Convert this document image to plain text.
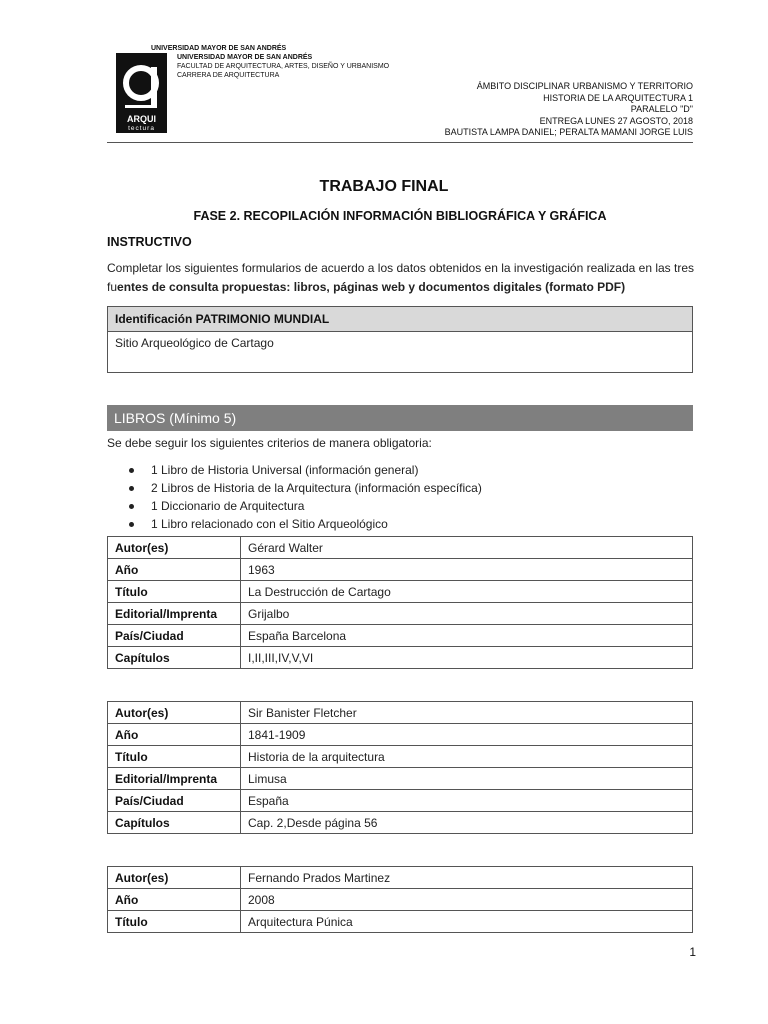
ARQUI
tectura
UNIVERSIDAD MAYOR DE SAN ANDRÉS
UNIVERSIDAD MAYOR DE SAN ANDRÉS
FACULTAD DE ARQUITECTURA, ARTES, DISEÑO Y URBANISMO
CARRERA DE ARQUITECTURA
ÁMBITO DISCIPLINAR URBANISMO Y TERRITORIO
HISTORIA DE LA ARQUITECTURA 1
PARALELO "D"
ENTREGA LUNES 27 AGOSTO, 2018
BAUTISTA LAMPA DANIEL; PERALTA MAMANI JORGE LUIS
TRABAJO FINAL
FASE 2. RECOPILACIÓN INFORMACIÓN BIBLIOGRÁFICA Y GRÁFICA
INSTRUCTIVO
Completar los siguientes formularios de acuerdo a los datos obtenidos en la investigación realizada en las tres fuentes de consulta propuestas: libros, páginas web y documentos digitales (formato PDF)
Identificación PATRIMONIO MUNDIAL
Sitio Arqueológico de Cartago
LIBROS (Mínimo 5)
Se debe seguir los siguientes criterios de manera obligatoria:
1 Libro de Historia Universal (información general)
2 Libros de Historia de la Arquitectura (información específica)
1 Diccionario de Arquitectura
1 Libro relacionado con el Sitio Arqueológico
Autor(es)	Gérard Walter
Año	1963
Título	La Destrucción de Cartago
Editorial/Imprenta	Grijalbo
País/Ciudad	España Barcelona
Capítulos	I,II,III,IV,V,VI
Autor(es)	Sir Banister Fletcher
Año	1841-1909
Título	Historia de la arquitectura
Editorial/Imprenta	Limusa
País/Ciudad	España
Capítulos	Cap. 2,Desde página 56
Autor(es)	Fernando Prados Martinez
Año	2008
Título	Arquitectura Púnica
1
